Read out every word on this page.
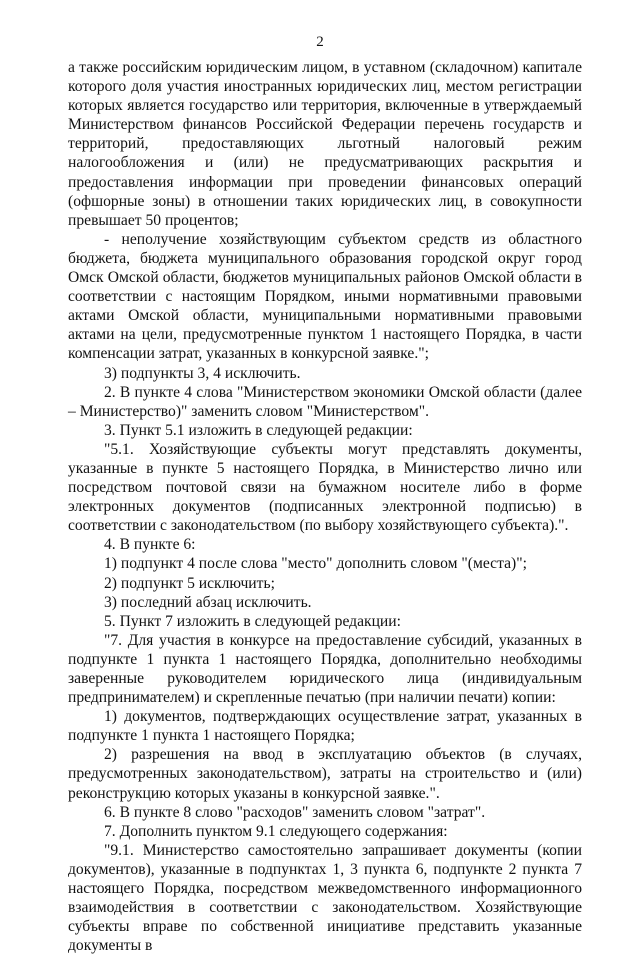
2

а также российским юридическим лицом, в уставном (складочном) капитале которого доля участия иностранных юридических лиц, местом регистрации которых является государство или территория, включенные в утверждаемый Министерством финансов Российской Федерации перечень государств и территорий, предоставляющих льготный налоговый режим налогообложения и (или) не предусматривающих раскрытия и предоставления информации при проведении финансовых операций (офшорные зоны) в отношении таких юридических лиц, в совокупности превышает 50 процентов;

- неполучение хозяйствующим субъектом средств из областного бюджета, бюджета муниципального образования городской округ город Омск Омской области, бюджетов муниципальных районов Омской области в соответствии с настоящим Порядком, иными нормативными правовыми актами Омской области, муниципальными нормативными правовыми актами на цели, предусмотренные пунктом 1 настоящего Порядка, в части компенсации затрат, указанных в конкурсной заявке.";

3) подпункты 3, 4 исключить.

2. В пункте 4 слова "Министерством экономики Омской области (далее – Министерство)" заменить словом "Министерством".

3. Пункт 5.1 изложить в следующей редакции:

"5.1. Хозяйствующие субъекты могут представлять документы, указанные в пункте 5 настоящего Порядка, в Министерство лично или посредством почтовой связи на бумажном носителе либо в форме электронных документов (подписанных электронной подписью) в соответствии с законодательством (по выбору хозяйствующего субъекта).".

4. В пункте 6:

1) подпункт 4 после слова "место" дополнить словом "(места)";

2) подпункт 5 исключить;

3) последний абзац исключить.

5. Пункт 7 изложить в следующей редакции:

"7. Для участия в конкурсе на предоставление субсидий, указанных в подпункте 1 пункта 1 настоящего Порядка, дополнительно необходимы заверенные руководителем юридического лица (индивидуальным предпринимателем) и скрепленные печатью (при наличии печати) копии:

1) документов, подтверждающих осуществление затрат, указанных в подпункте 1 пункта 1 настоящего Порядка;

2) разрешения на ввод в эксплуатацию объектов (в случаях, предусмотренных законодательством), затраты на строительство и (или) реконструкцию которых указаны в конкурсной заявке.".

6. В пункте 8 слово "расходов" заменить словом "затрат".

7. Дополнить пунктом 9.1 следующего содержания:

"9.1. Министерство самостоятельно запрашивает документы (копии документов), указанные в подпунктах 1, 3 пункта 6, подпункте 2 пункта 7 настоящего Порядка, посредством межведомственного информационного взаимодействия в соответствии с законодательством. Хозяйствующие субъекты вправе по собственной инициативе представить указанные документы в
